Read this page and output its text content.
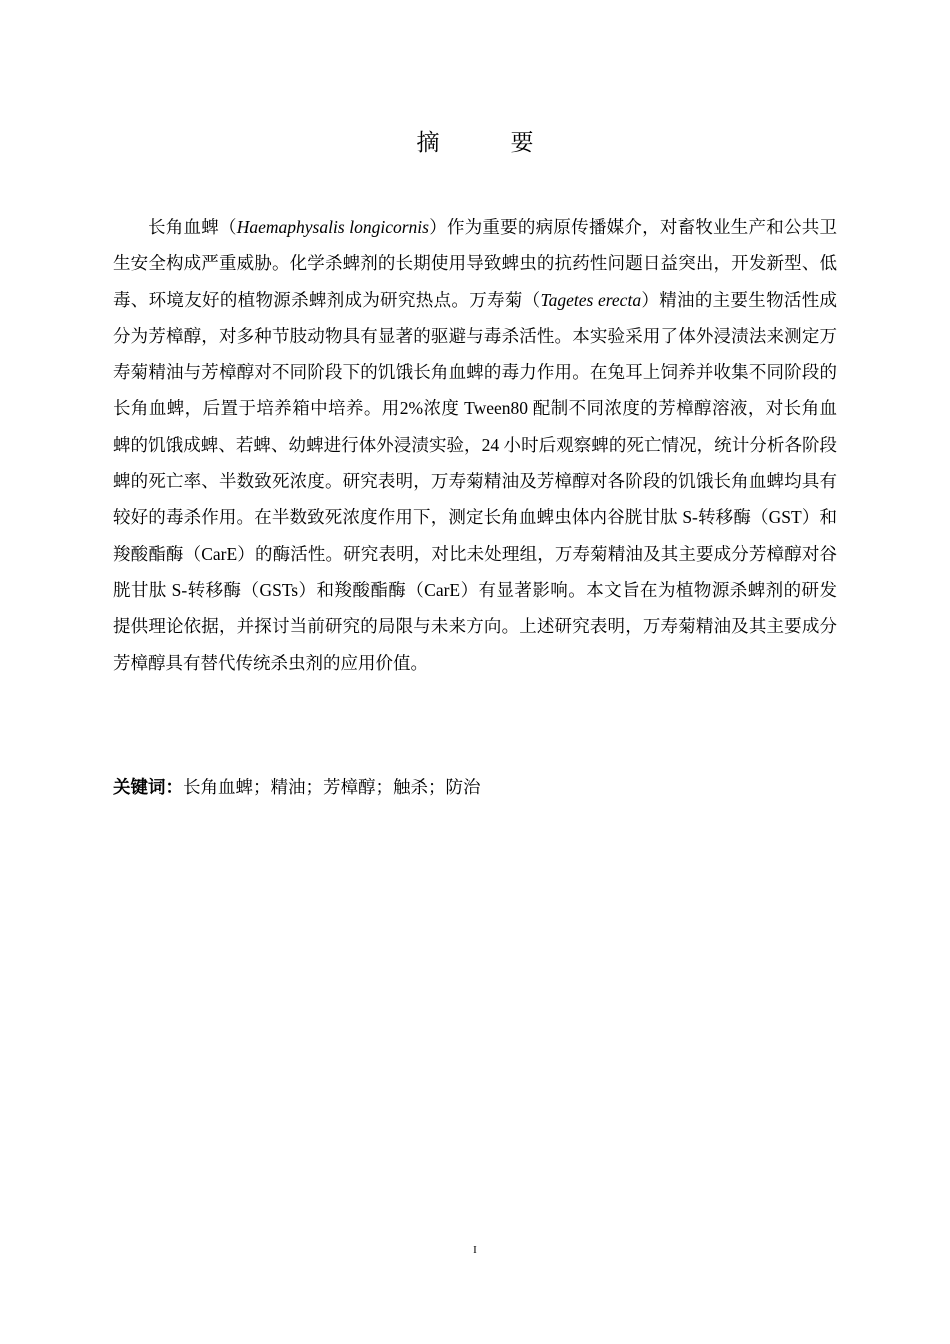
摘　要

长角血蜱（Haemaphysalis longicornis）作为重要的病原传播媒介，对畜牧业生产和公共卫生安全构成严重威胁。化学杀蜱剂的长期使用导致蜱虫的抗药性问题日益突出，开发新型、低毒、环境友好的植物源杀蜱剂成为研究热点。万寿菊（Tagetes erecta）精油的主要生物活性成分为芳樟醇，对多种节肢动物具有显著的驱避与毒杀活性。本实验采用了体外浸渍法来测定万寿菊精油与芳樟醇对不同阶段下的饥饿长角血蜱的毒力作用。在兔耳上饲养并收集不同阶段的长角血蜱，后置于培养箱中培养。用2%浓度 Tween80 配制不同浓度的芳樟醇溶液，对长角血蜱的饥饿成蜱、若蜱、幼蜱进行体外浸渍实验，24 小时后观察蜱的死亡情况，统计分析各阶段蜱的死亡率、半数致死浓度。研究表明，万寿菊精油及芳樟醇对各阶段的饥饿长角血蜱均具有较好的毒杀作用。在半数致死浓度作用下，测定长角血蜱虫体内谷胱甘肽 S-转移酶（GST）和羧酸酯酶（CarE）的酶活性。研究表明，对比未处理组，万寿菊精油及其主要成分芳樟醇对谷胱甘肽 S-转移酶（GSTs）和羧酸酯酶（CarE）有显著影响。本文旨在为植物源杀蜱剂的研发提供理论依据，并探讨当前研究的局限与未来方向。上述研究表明，万寿菊精油及其主要成分芳樟醇具有替代传统杀虫剂的应用价值。

关键词：长角血蜱；精油；芳樟醇；触杀；防治

I
